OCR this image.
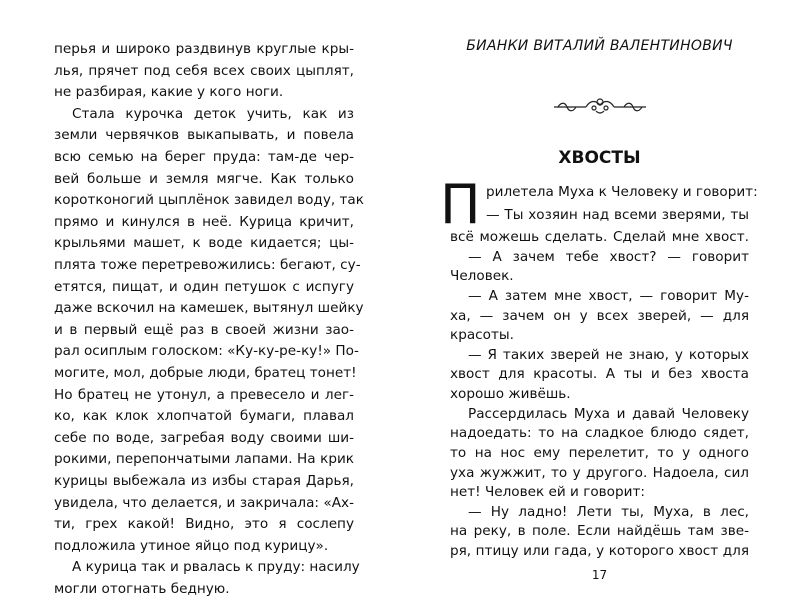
перья и широко раздвинув круглые кры-
лья, прячет под себя всех своих цыплят,
не разбирая, какие у кого ноги.
Стала курочка деток учить, как из
земли червячков выкапывать, и повела
всю семью на берег пруда: там-де чер-
вей больше и земля мягче. Как только
коротконогий цыплёнок завидел воду, так
прямо и кинулся в неё. Курица кричит,
крыльями машет, к воде кидается; цы-
плята тоже перетревожились: бегают, су-
етятся, пищат, и один петушок с испугу
даже вскочил на камешек, вытянул шейку
и в первый ещё раз в своей жизни зао-
рал осиплым голоском: «Ку-ку-ре-ку!» По-
могите, мол, добрые люди, братец тонет!
Но братец не утонул, а превесело и лег-
ко, как клок хлопчатой бумаги, плавал
себе по воде, загребая воду своими ши-
рокими, перепончатыми лапами. На крик
курицы выбежала из избы старая Дарья,
увидела, что делается, и закричала: «Ах-
ти, грех какой! Видно, это я сослепу
подложила утиное яйцо под курицу».
А курица так и рвалась к пруду: насилу
могли отогнать бедную.
БИАНКИ ВИТАЛИЙ ВАЛЕНТИНОВИЧ
ХВОСТЫ
П рилетела Муха к Человеку и говорит:
— Ты хозяин над всеми зверями, ты
всё можешь сделать. Сделай мне хвост.
— А зачем тебе хвост? — говорит
Человек.
— А затем мне хвост, — говорит Му-
ха, — зачем он у всех зверей, — для
красоты.
— Я таких зверей не знаю, у которых
хвост для красоты. А ты и без хвоста
хорошо живёшь.
Рассердилась Муха и давай Человеку
надоедать: то на сладкое блюдо сядет,
то на нос ему перелетит, то у одного
уха жужжит, то у другого. Надоела, сил
нет! Человек ей и говорит:
17
— Ну ладно! Лети ты, Муха, в лес,
на реку, в поле. Если найдёшь там зве-
ря, птицу или гада, у которого хвост для
